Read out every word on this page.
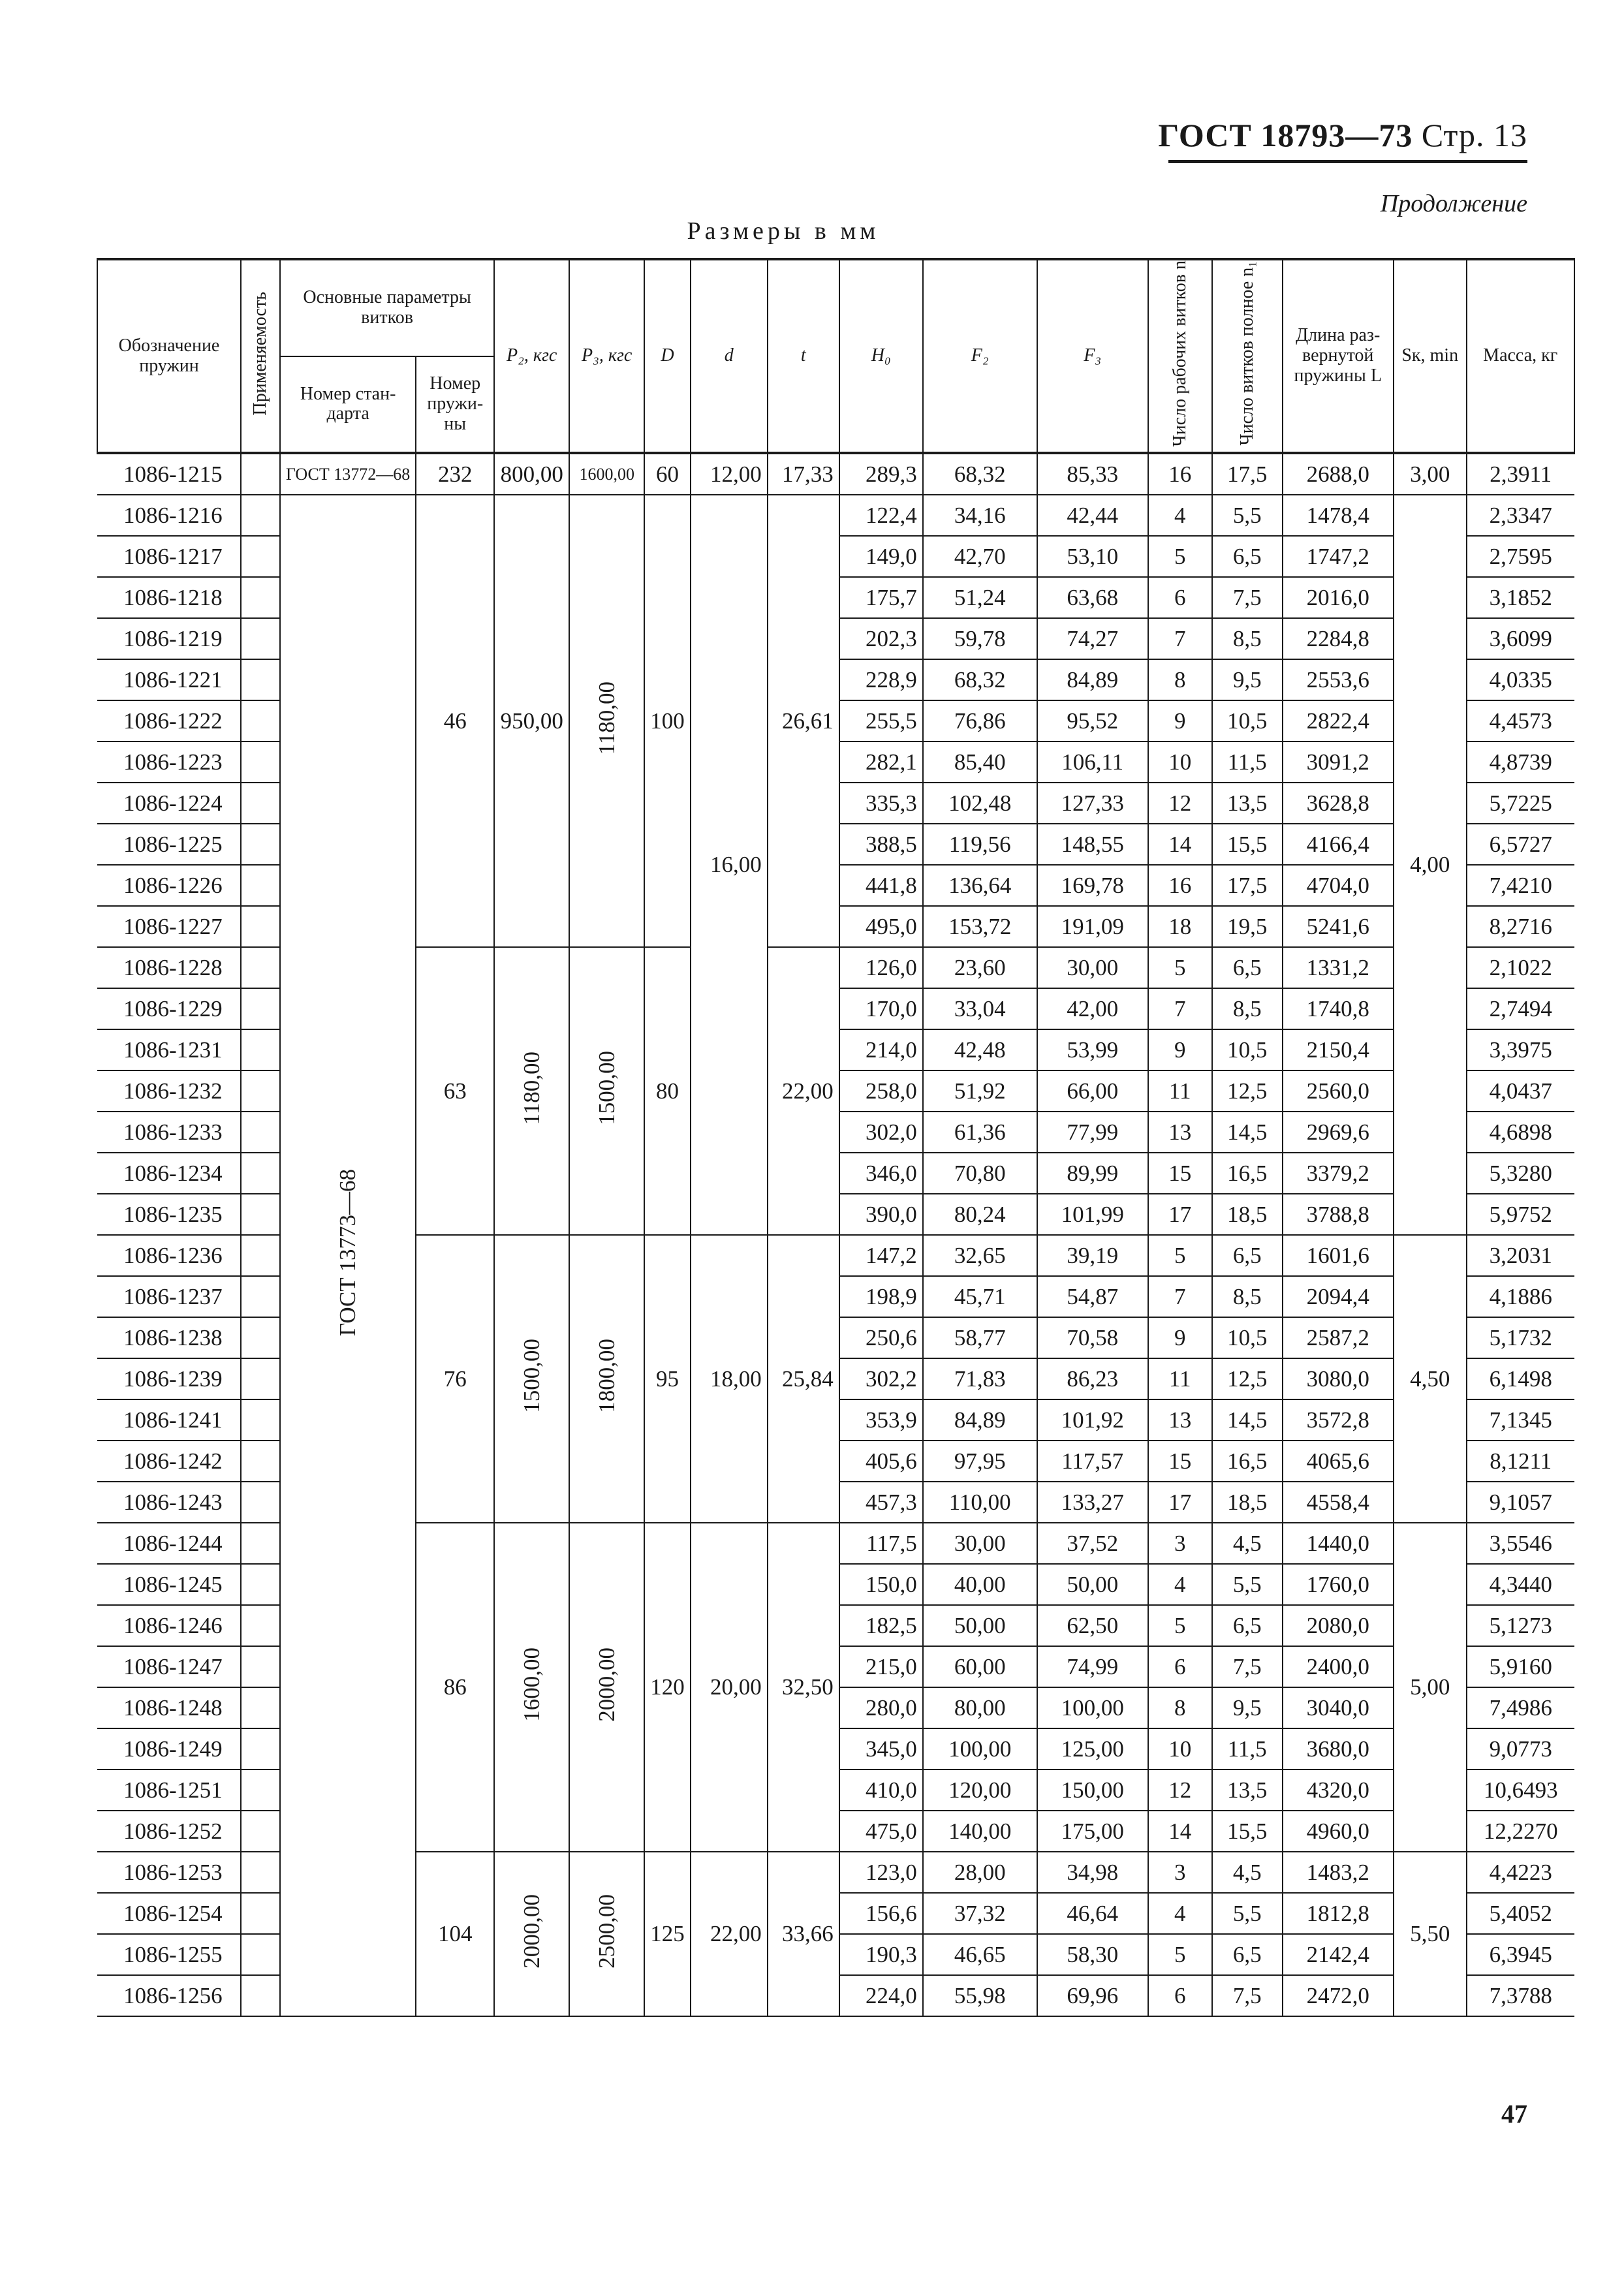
ГОСТ 18793—73 Стр. 13
Продолжение
Размеры в мм
Обозначение пружин	Применяемость	Основные параметры витков		P₂, кгс	P₃, кгс	D	d	t	H₀	F₂	F₃	Число рабочих витков n	Число витков полное n₁	Длина раз-вернутой пружины L	Sк, min	Масса, кг
		Номер стан-дарта	Номер пружи-ны													
1086-1215		ГОСТ 13772—68	232	800,00	1600,00	60	12,00	17,33	289,3	68,32	85,33	16	17,5	2688,0	3,00	2,3911
1086-1216		ГОСТ 13773—68	46	950,00	1180,00	100	16,00	26,61	122,4	34,16	42,44	4	5,5	1478,4	4,00	2,3347
1086-1217									149,0	42,70	53,10	5	6,5	1747,2		2,7595
1086-1218									175,7	51,24	63,68	6	7,5	2016,0		3,1852
1086-1219									202,3	59,78	74,27	7	8,5	2284,8		3,6099
1086-1221									228,9	68,32	84,89	8	9,5	2553,6		4,0335
1086-1222									255,5	76,86	95,52	9	10,5	2822,4		4,4573
1086-1223									282,1	85,40	106,11	10	11,5	3091,2		4,8739
1086-1224									335,3	102,48	127,33	12	13,5	3628,8		5,7225
1086-1225									388,5	119,56	148,55	14	15,5	4166,4		6,5727
1086-1226									441,8	136,64	169,78	16	17,5	4704,0		7,4210
1086-1227									495,0	153,72	191,09	18	19,5	5241,6		8,2716
1086-1228			63	1180,00	1500,00	80		22,00	126,0	23,60	30,00	5	6,5	1331,2		2,1022
1086-1229									170,0	33,04	42,00	7	8,5	1740,8		2,7494
1086-1231									214,0	42,48	53,99	9	10,5	2150,4		3,3975
1086-1232									258,0	51,92	66,00	11	12,5	2560,0		4,0437
1086-1233									302,0	61,36	77,99	13	14,5	2969,6		4,6898
1086-1234									346,0	70,80	89,99	15	16,5	3379,2		5,3280
1086-1235									390,0	80,24	101,99	17	18,5	3788,8		5,9752
1086-1236			76	1500,00	1800,00	95	18,00	25,84	147,2	32,65	39,19	5	6,5	1601,6	4,50	3,2031
1086-1237									198,9	45,71	54,87	7	8,5	2094,4		4,1886
1086-1238									250,6	58,77	70,58	9	10,5	2587,2		5,1732
1086-1239									302,2	71,83	86,23	11	12,5	3080,0		6,1498
1086-1241									353,9	84,89	101,92	13	14,5	3572,8		7,1345
1086-1242									405,6	97,95	117,57	15	16,5	4065,6		8,1211
1086-1243									457,3	110,00	133,27	17	18,5	4558,4		9,1057
1086-1244			86	1600,00	2000,00	120	20,00	32,50	117,5	30,00	37,52	3	4,5	1440,0	5,00	3,5546
1086-1245									150,0	40,00	50,00	4	5,5	1760,0		4,3440
1086-1246									182,5	50,00	62,50	5	6,5	2080,0		5,1273
1086-1247									215,0	60,00	74,99	6	7,5	2400,0		5,9160
1086-1248									280,0	80,00	100,00	8	9,5	3040,0		7,4986
1086-1249									345,0	100,00	125,00	10	11,5	3680,0		9,0773
1086-1251									410,0	120,00	150,00	12	13,5	4320,0		10,6493
1086-1252									475,0	140,00	175,00	14	15,5	4960,0		12,2270
1086-1253			104	2000,00	2500,00	125	22,00	33,66	123,0	28,00	34,98	3	4,5	1483,2	5,50	4,4223
1086-1254									156,6	37,32	46,64	4	5,5	1812,8		5,4052
1086-1255									190,3	46,65	58,30	5	6,5	2142,4		6,3945
1086-1256									224,0	55,98	69,96	6	7,5	2472,0		7,3788
47
